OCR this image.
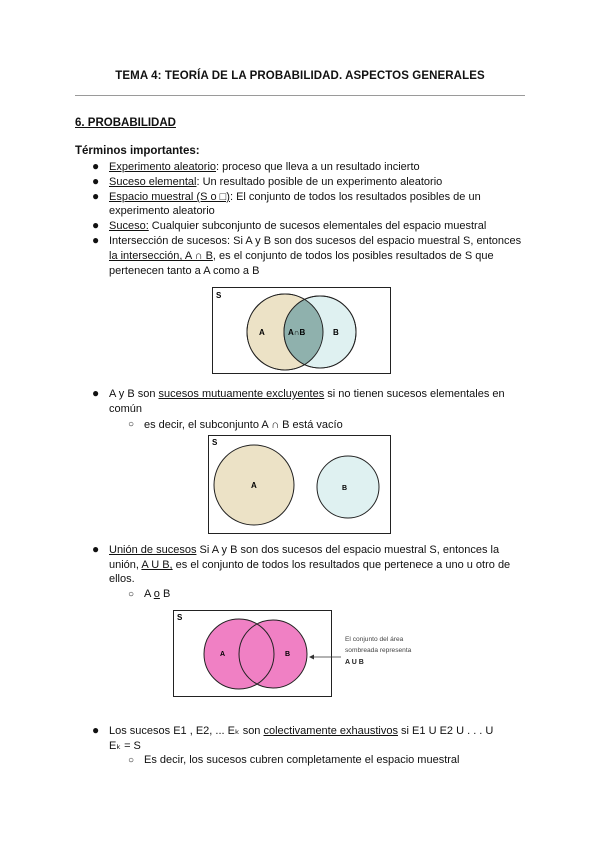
TEMA 4: TEORÍA DE LA PROBABILIDAD. ASPECTOS GENERALES
6. PROBABILIDAD
Términos importantes:
● Experimento aleatorio: proceso que lleva a un resultado incierto
● Suceso elemental: Un resultado posible de un experimento aleatorio
● Espacio muestral (S o □): El conjunto de todos los resultados posibles de un
experimento aleatorio
● Suceso: Cualquier subconjunto de sucesos elementales del espacio muestral
● Intersección de sucesos: Si A y B son dos sucesos del espacio muestral S, entonces
la intersección, A ∩ B, es el conjunto de todos los posibles resultados de S que
pertenecen tanto a A como a B
S
A	A∩B	B
● A y B son sucesos mutuamente excluyentes si no tienen sucesos elementales en
común
○ es decir, el subconjunto A ∩ B está vacío
S
A	B
● Unión de sucesos Si A y B son dos sucesos del espacio muestral S, entonces la
unión, A U B, es el conjunto de todos los resultados que pertenece a uno u otro de
ellos.
○ A o B
S
A	B
El conjunto del área
sombreada representa
A U B
● Los sucesos E1 , E2, ... Eₖ son colectivamente exhaustivos si E1 U E2 U . . . U
Eₖ = S
○ Es decir, los sucesos cubren completamente el espacio muestral
